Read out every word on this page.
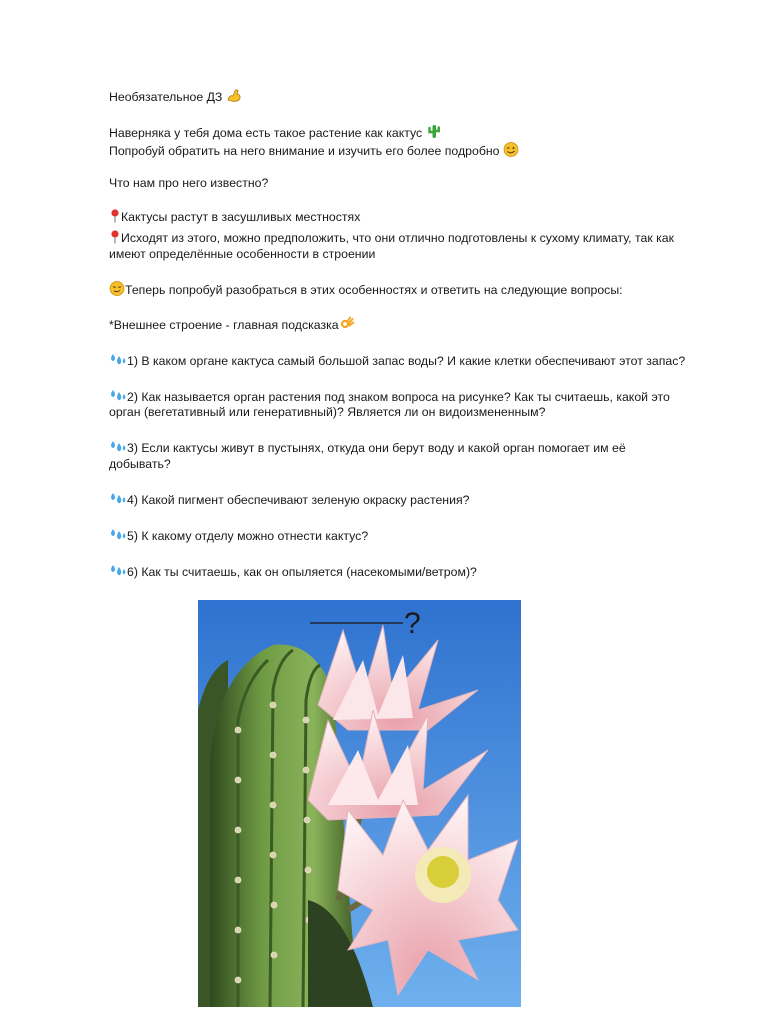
Необязательное ДЗ
Наверняка у тебя дома есть такое растение как кактус
Попробуй обратить на него внимание и изучить его более подробно
Что нам про него известно?
Кактусы растут в засушливых местностях
Исходят из этого, можно предположить, что они отлично подготовлены к сухому климату, так как
имеют определённые особенности в строении
Теперь попробуй разобраться в этих особенностях и ответить на следующие вопросы:
*Внешнее строение - главная подсказка
1) В каком органе кактуса самый большой запас воды? И какие клетки обеспечивают этот запас?
2) Как называется орган растения под знаком вопроса на рисунке? Как ты считаешь, какой это
орган (вегетативный или генеративный)? Является ли он видоизмененным?
3) Если кактусы живут в пустынях, откуда они берут воду и какой орган помогает им её
добывать?
4) Какой пигмент обеспечивают зеленую окраску растения?
5) К какому отделу можно отнести кактус?
6) Как ты считаешь, как он опыляется (насекомыми/ветром)?
?
